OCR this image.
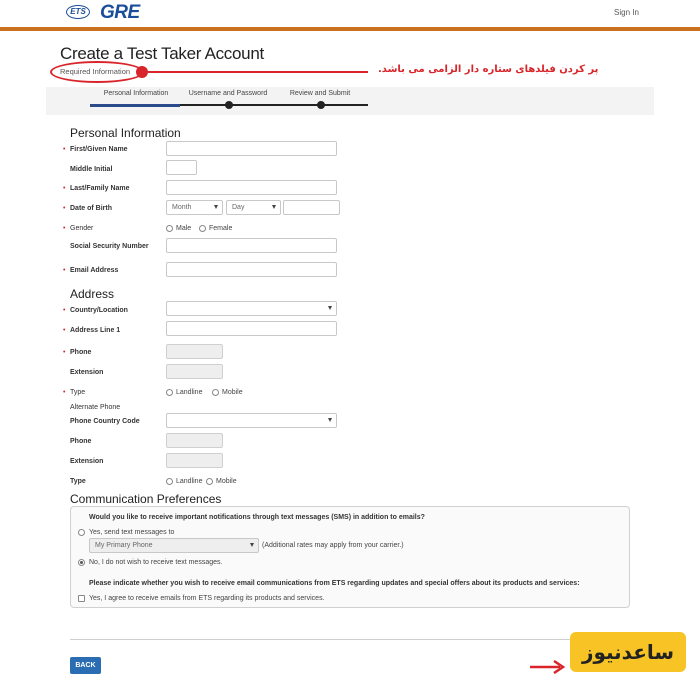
ETS GRE	Sign In
Create a Test Taker Account
Required Information	پر کردن فیلدهای ستاره دار الزامی می باشد.
Personal Information	Username and Password	Review and Submit
Personal Information
• First/Given Name
Middle Initial
• Last/Family Name
• Date of Birth	Month	Day
• Gender	Male	Female
Social Security Number
• Email Address
Address
• Country/Location
• Address Line 1
• Phone
Extension
• Type	Landline	Mobile
Alternate Phone
Phone Country Code
Phone
Extension
Type	Landline Mobile
Communication Preferences
Would you like to receive important notifications through text messages (SMS) in addition to emails?
Yes, send text messages to
My Primary Phone	(Additional rates may apply from your carrier.)
No, I do not wish to receive text messages.
Please indicate whether you wish to receive email communications from ETS regarding updates and special offers about its products and services:
Yes, I agree to receive emails from ETS regarding its products and services.
BACK
ساعدنیوز
